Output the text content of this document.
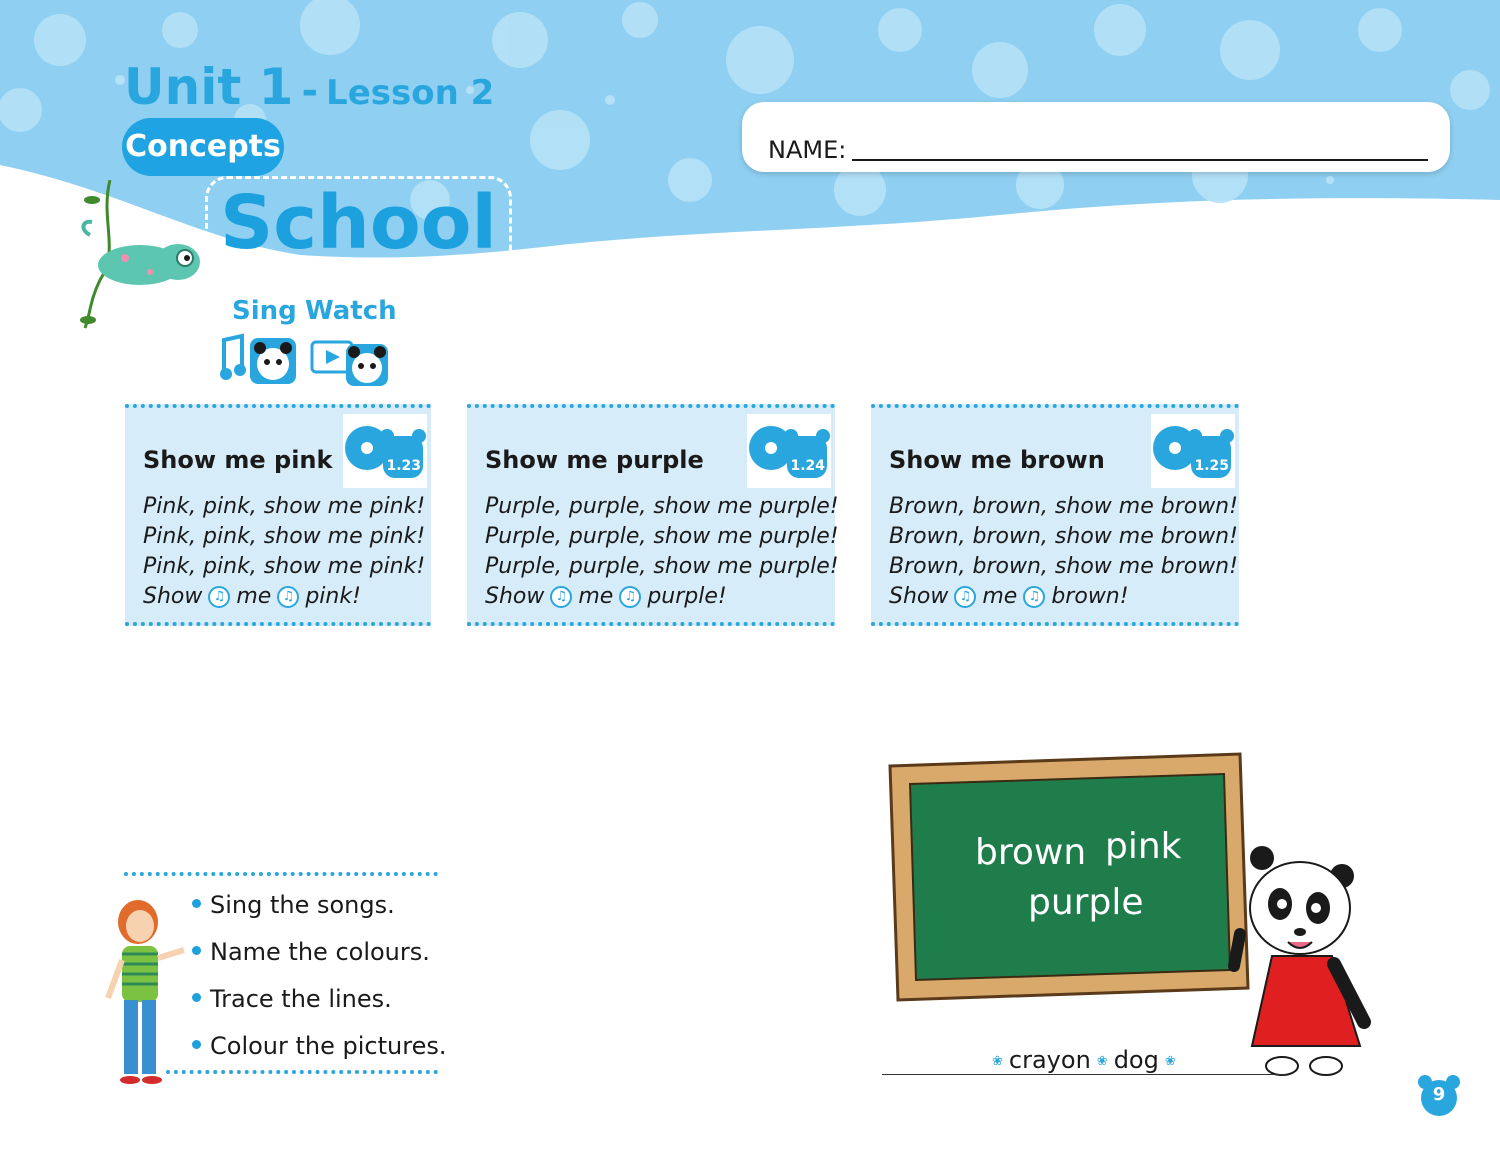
Unit 1 - Lesson 2
Concepts
School
NAME:
Sing Watch
Show me pink	1.23
Pink, pink, show me pink!
Pink, pink, show me pink!
Pink, pink, show me pink!
Show ♫ me ♫ pink!
Show me purple	1.24
Purple, purple, show me purple!
Purple, purple, show me purple!
Purple, purple, show me purple!
Show ♫ me ♫ purple!
Show me brown	1.25
Brown, brown, show me brown!
Brown, brown, show me brown!
Brown, brown, show me brown!
Show ♫ me ♫ brown!
Sing the songs.
Name the colours.
Trace the lines.
Colour the pictures.
brown pink
purple
❀ crayon ❀ dog ❀
9
